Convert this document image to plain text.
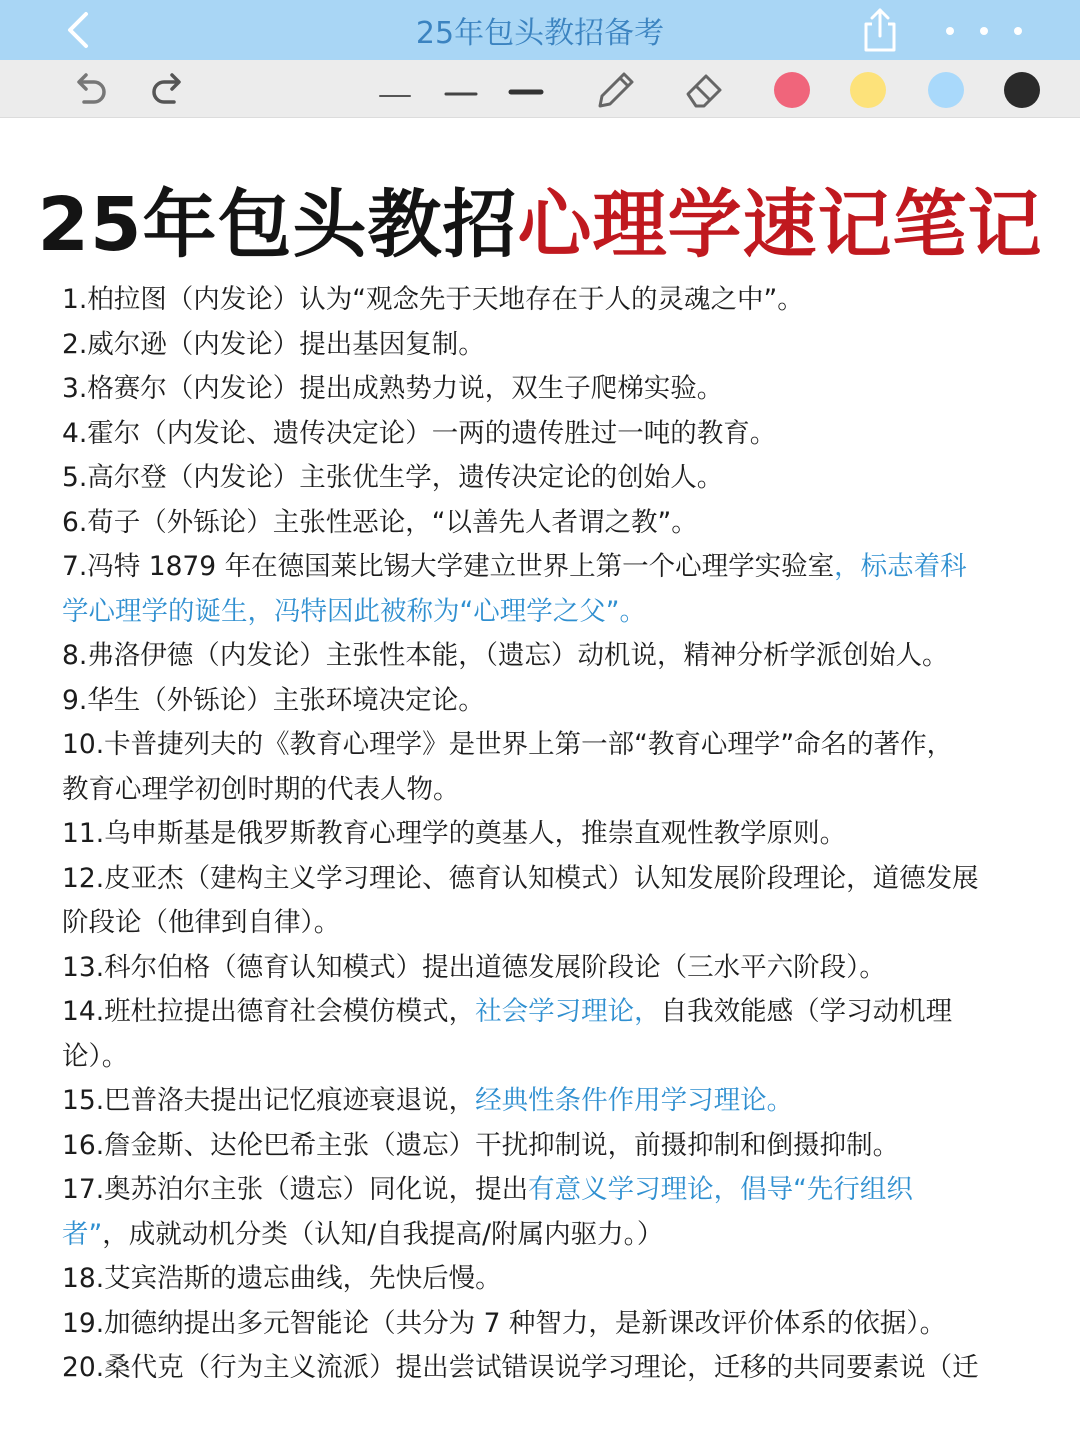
25年包头教招备考
25年包头教招心理学速记笔记
1.柏拉图（内发论）认为“观念先于天地存在于人的灵魂之中”。
2.威尔逊（内发论）提出基因复制。
3.格赛尔（内发论）提出成熟势力说，双生子爬梯实验。
4.霍尔（内发论、遗传决定论）一两的遗传胜过一吨的教育。
5.高尔登（内发论）主张优生学，遗传决定论的创始人。
6.荀子（外铄论）主张性恶论，“以善先人者谓之教”。
7.冯特 1879 年在德国莱比锡大学建立世界上第一个心理学实验室，标志着科
学心理学的诞生，冯特因此被称为“心理学之父”。
8.弗洛伊德（内发论）主张性本能，（遗忘）动机说，精神分析学派创始人。
9.华生（外铄论）主张环境决定论。
10.卡普捷列夫的《教育心理学》是世界上第一部“教育心理学”命名的著作，
教育心理学初创时期的代表人物。
11.乌申斯基是俄罗斯教育心理学的奠基人，推崇直观性教学原则。
12.皮亚杰（建构主义学习理论、德育认知模式）认知发展阶段理论，道德发展
阶段论（他律到自律）。
13.科尔伯格（德育认知模式）提出道德发展阶段论（三水平六阶段）。
14.班杜拉提出德育社会模仿模式，社会学习理论，自我效能感（学习动机理
论）。
15.巴普洛夫提出记忆痕迹衰退说，经典性条件作用学习理论。
16.詹金斯、达伦巴希主张（遗忘）干扰抑制说，前摄抑制和倒摄抑制。
17.奥苏泊尔主张（遗忘）同化说，提出有意义学习理论，倡导“先行组织
者”，成就动机分类（认知/自我提高/附属内驱力。）
18.艾宾浩斯的遗忘曲线，先快后慢。
19.加德纳提出多元智能论（共分为 7 种智力，是新课改评价体系的依据）。
20.桑代克（行为主义流派）提出尝试错误说学习理论，迁移的共同要素说（迁
